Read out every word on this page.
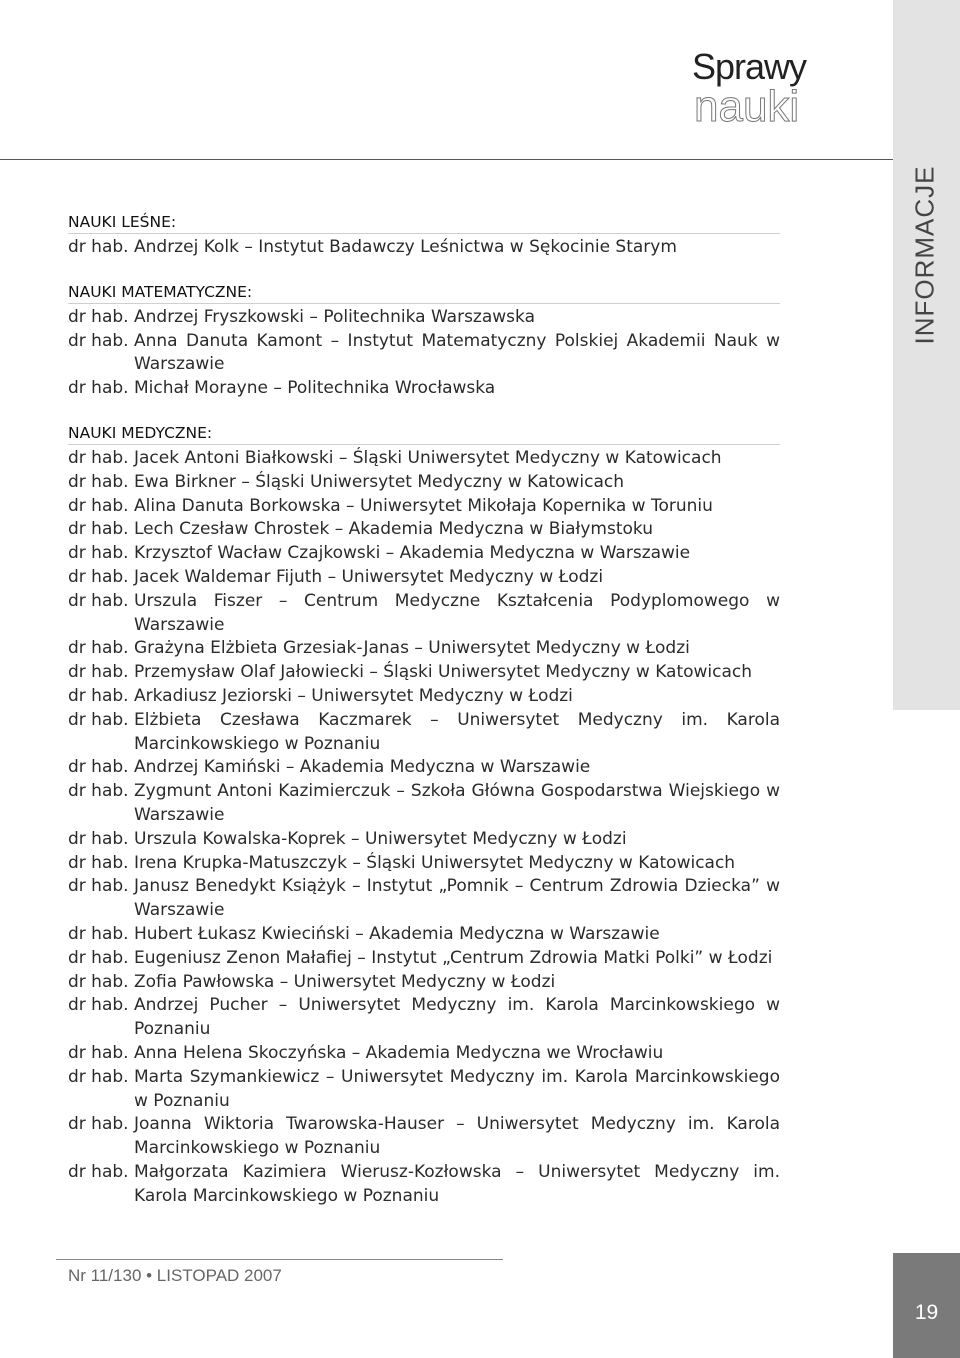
INFORMACJE
Sprawy
nauki
NAUKI LEŚNE:
dr hab. Andrzej Kolk – Instytut Badawczy Leśnictwa w Sękocinie Starym
NAUKI MATEMATYCZNE:
dr hab. Andrzej Fryszkowski – Politechnika Warszawska
dr hab. Anna Danuta Kamont – Instytut Matematyczny Polskiej Akademii Nauk w Warszawie
dr hab. Michał Morayne – Politechnika Wrocławska
NAUKI MEDYCZNE:
dr hab. Jacek Antoni Białkowski – Śląski Uniwersytet Medyczny w Katowicach
dr hab. Ewa Birkner – Śląski Uniwersytet Medyczny w Katowicach
dr hab. Alina Danuta Borkowska – Uniwersytet Mikołaja Kopernika w Toruniu
dr hab. Lech Czesław Chrostek – Akademia Medyczna w Białymstoku
dr hab. Krzysztof Wacław Czajkowski – Akademia Medyczna w Warszawie
dr hab. Jacek Waldemar Fijuth – Uniwersytet Medyczny w Łodzi
dr hab. Urszula Fiszer – Centrum Medyczne Kształcenia Podyplomowego w Warszawie
dr hab. Grażyna Elżbieta Grzesiak-Janas – Uniwersytet Medyczny w Łodzi
dr hab. Przemysław Olaf Jałowiecki – Śląski Uniwersytet Medyczny w Katowicach
dr hab. Arkadiusz Jeziorski – Uniwersytet Medyczny w Łodzi
dr hab. Elżbieta Czesława Kaczmarek – Uniwersytet Medyczny im. Karola Marcinkowskiego w Poznaniu
dr hab. Andrzej Kamiński – Akademia Medyczna w Warszawie
dr hab. Zygmunt Antoni Kazimierczuk – Szkoła Główna Gospodarstwa Wiejskiego w Warszawie
dr hab. Urszula Kowalska-Koprek – Uniwersytet Medyczny w Łodzi
dr hab. Irena Krupka-Matuszczyk – Śląski Uniwersytet Medyczny w Katowicach
dr hab. Janusz Benedykt Książyk – Instytut „Pomnik – Centrum Zdrowia Dziecka” w Warszawie
dr hab. Hubert Łukasz Kwieciński – Akademia Medyczna w Warszawie
dr hab. Eugeniusz Zenon Małafiej – Instytut „Centrum Zdrowia Matki Polki” w Łodzi
dr hab. Zofia Pawłowska – Uniwersytet Medyczny w Łodzi
dr hab. Andrzej Pucher – Uniwersytet Medyczny im. Karola Marcinkowskiego w Poznaniu
dr hab. Anna Helena Skoczyńska – Akademia Medyczna we Wrocławiu
dr hab. Marta Szymankiewicz – Uniwersytet Medyczny im. Karola Marcinkowskiego w Poznaniu
dr hab. Joanna Wiktoria Twarowska-Hauser – Uniwersytet Medyczny im. Karola Marcinkowskiego w Poznaniu
dr hab. Małgorzata Kazimiera Wierusz-Kozłowska – Uniwersytet Medyczny im. Karola Marcinkowskiego w Poznaniu
Nr 11/130 • LISTOPAD 2007
19
